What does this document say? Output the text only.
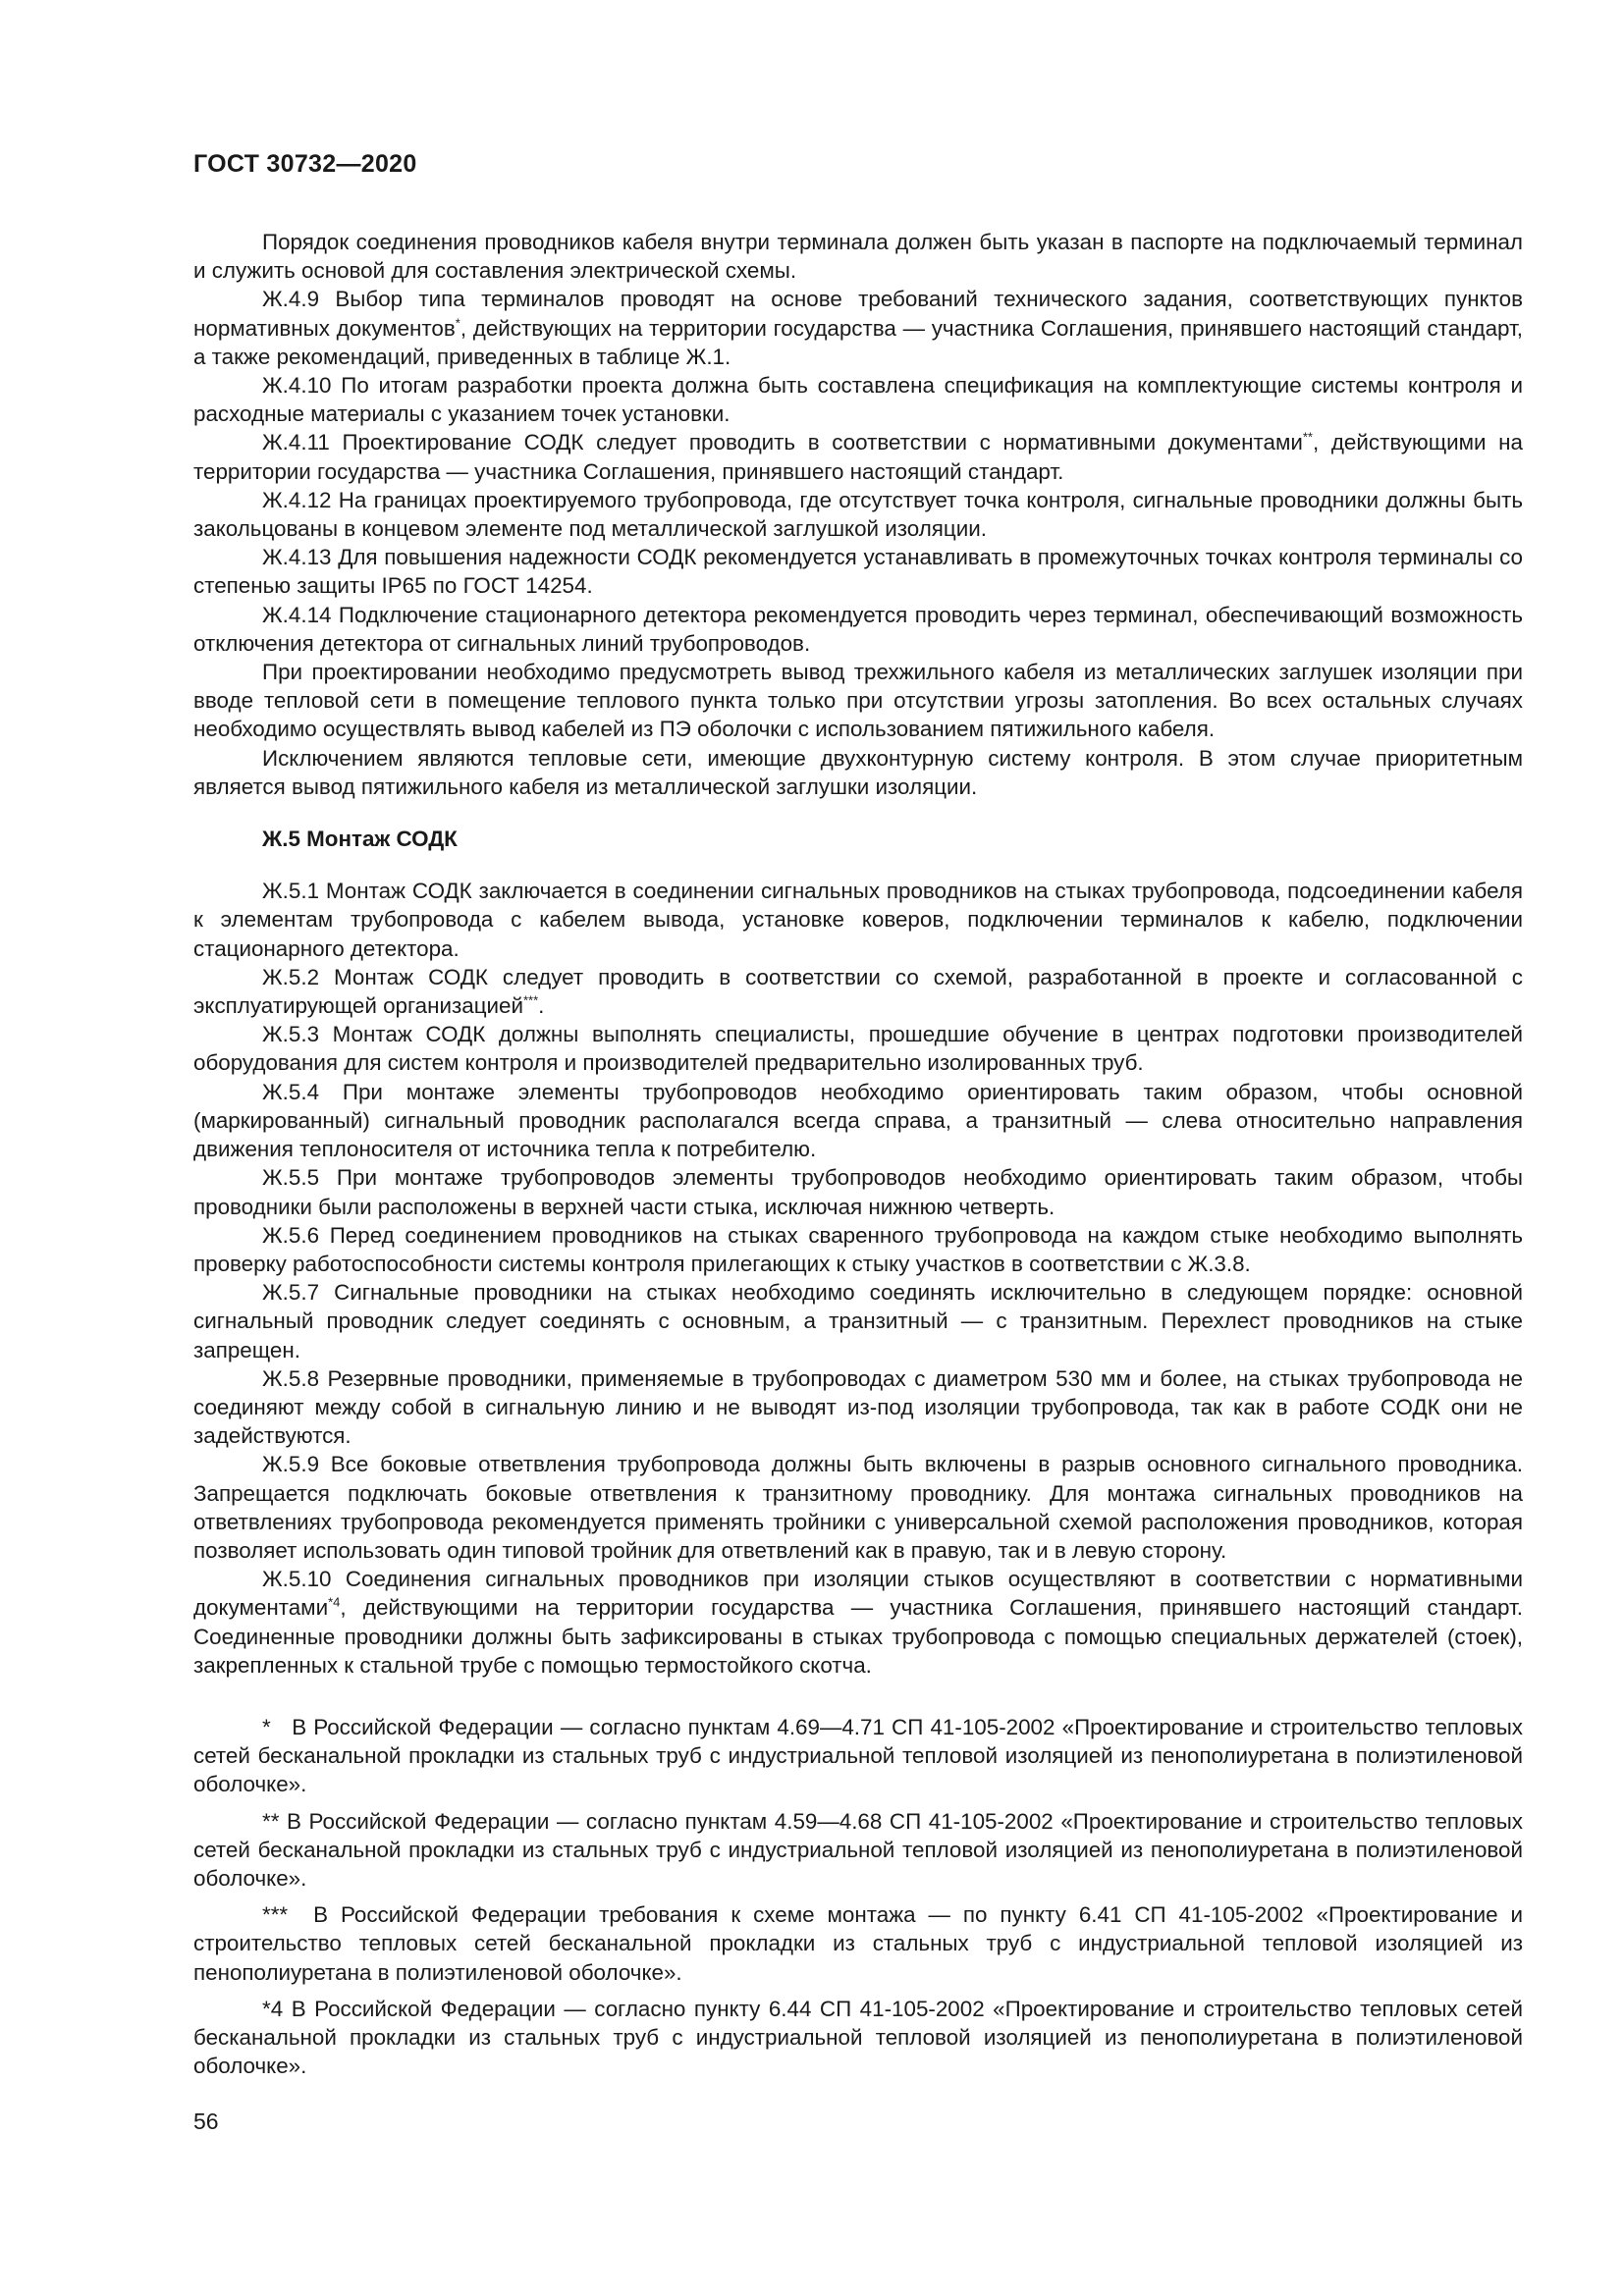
ГОСТ 30732—2020

Порядок соединения проводников кабеля внутри терминала должен быть указан в паспорте на подключаемый терминал и служить основой для составления электрической схемы.

Ж.4.9 Выбор типа терминалов проводят на основе требований технического задания, соответствующих пунктов нормативных документов*, действующих на территории государства — участника Соглашения, принявшего настоящий стандарт, а также рекомендаций, приведенных в таблице Ж.1.

Ж.4.10 По итогам разработки проекта должна быть составлена спецификация на комплектующие системы контроля и расходные материалы с указанием точек установки.

Ж.4.11 Проектирование СОДК следует проводить в соответствии с нормативными документами**, действующими на территории государства — участника Соглашения, принявшего настоящий стандарт.

Ж.4.12 На границах проектируемого трубопровода, где отсутствует точка контроля, сигнальные проводники должны быть закольцованы в концевом элементе под металлической заглушкой изоляции.

Ж.4.13 Для повышения надежности СОДК рекомендуется устанавливать в промежуточных точках контроля терминалы со степенью защиты IP65 по ГОСТ 14254.

Ж.4.14 Подключение стационарного детектора рекомендуется проводить через терминал, обеспечивающий возможность отключения детектора от сигнальных линий трубопроводов.

При проектировании необходимо предусмотреть вывод трехжильного кабеля из металлических заглушек изоляции при вводе тепловой сети в помещение теплового пункта только при отсутствии угрозы затопления. Во всех остальных случаях необходимо осуществлять вывод кабелей из ПЭ оболочки с использованием пятижильного кабеля.

Исключением являются тепловые сети, имеющие двухконтурную систему контроля. В этом случае приоритетным является вывод пятижильного кабеля из металлической заглушки изоляции.

Ж.5 Монтаж СОДК

Ж.5.1 Монтаж СОДК заключается в соединении сигнальных проводников на стыках трубопровода, подсоединении кабеля к элементам трубопровода с кабелем вывода, установке коверов, подключении терминалов к кабелю, подключении стационарного детектора.

Ж.5.2 Монтаж СОДК следует проводить в соответствии со схемой, разработанной в проекте и согласованной с эксплуатирующей организацией***.

Ж.5.3 Монтаж СОДК должны выполнять специалисты, прошедшие обучение в центрах подготовки производителей оборудования для систем контроля и производителей предварительно изолированных труб.

Ж.5.4 При монтаже элементы трубопроводов необходимо ориентировать таким образом, чтобы основной (маркированный) сигнальный проводник располагался всегда справа, а транзитный — слева относительно направления движения теплоносителя от источника тепла к потребителю.

Ж.5.5 При монтаже трубопроводов элементы трубопроводов необходимо ориентировать таким образом, чтобы проводники были расположены в верхней части стыка, исключая нижнюю четверть.

Ж.5.6 Перед соединением проводников на стыках сваренного трубопровода на каждом стыке необходимо выполнять проверку работоспособности системы контроля прилегающих к стыку участков в соответствии с Ж.3.8.

Ж.5.7 Сигнальные проводники на стыках необходимо соединять исключительно в следующем порядке: основной сигнальный проводник следует соединять с основным, а транзитный — с транзитным. Перехлест проводников на стыке запрещен.

Ж.5.8 Резервные проводники, применяемые в трубопроводах с диаметром 530 мм и более, на стыках трубопровода не соединяют между собой в сигнальную линию и не выводят из-под изоляции трубопровода, так как в работе СОДК они не задействуются.

Ж.5.9 Все боковые ответвления трубопровода должны быть включены в разрыв основного сигнального проводника. Запрещается подключать боковые ответвления к транзитному проводнику. Для монтажа сигнальных проводников на ответвлениях трубопровода рекомендуется применять тройники с универсальной схемой расположения проводников, которая позволяет использовать один типовой тройник для ответвлений как в правую, так и в левую сторону.

Ж.5.10 Соединения сигнальных проводников при изоляции стыков осуществляют в соответствии с нормативными документами$^{*4}$, действующими на территории государства — участника Соглашения, принявшего настоящий стандарт. Соединенные проводники должны быть зафиксированы в стыках трубопровода с помощью специальных держателей (стоек), закрепленных к стальной трубе с помощью термостойкого скотча.

* В Российской Федерации — согласно пунктам 4.69—4.71 СП 41-105-2002 «Проектирование и строительство тепловых сетей бесканальной прокладки из стальных труб с индустриальной тепловой изоляцией из пенополиуретана в полиэтиленовой оболочке».

** В Российской Федерации — согласно пунктам 4.59—4.68 СП 41-105-2002 «Проектирование и строительство тепловых сетей бесканальной прокладки из стальных труб с индустриальной тепловой изоляцией из пенополиуретана в полиэтиленовой оболочке».

*** В Российской Федерации требования к схеме монтажа — по пункту 6.41 СП 41-105-2002 «Проектирование и строительство тепловых сетей бесканальной прокладки из стальных труб с индустриальной тепловой изоляцией из пенополиуретана в полиэтиленовой оболочке».

*4 В Российской Федерации — согласно пункту 6.44 СП 41-105-2002 «Проектирование и строительство тепловых сетей бесканальной прокладки из стальных труб с индустриальной тепловой изоляцией из пенополиуретана в полиэтиленовой оболочке».

56
